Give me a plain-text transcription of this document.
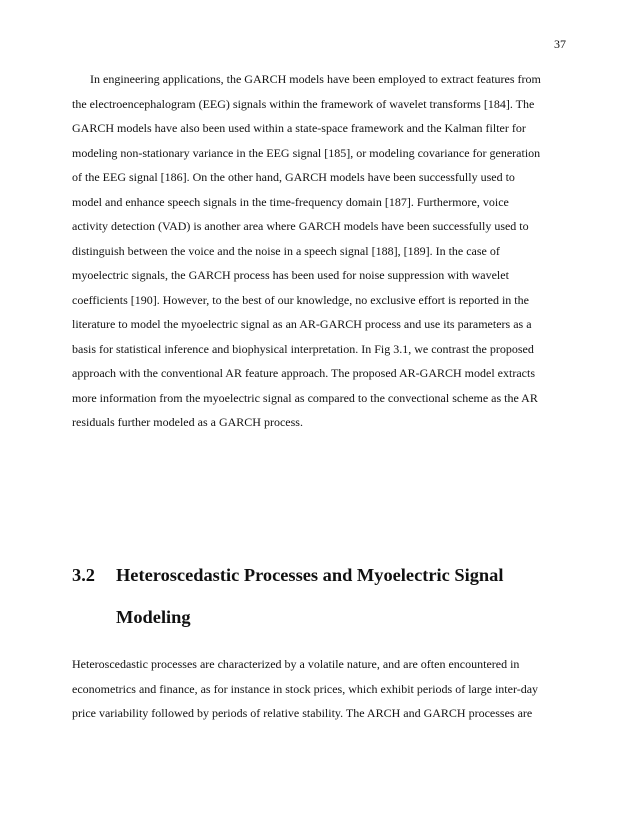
37
In engineering applications, the GARCH models have been employed to extract features from
the electroencephalogram (EEG) signals within the framework of wavelet transforms [184]. The
GARCH models have also been used within a state-space framework and the Kalman filter for
modeling non-stationary variance in the EEG signal [185], or modeling covariance for generation
of the EEG signal [186]. On the other hand, GARCH models have been successfully used to
model and enhance speech signals in the time-frequency domain [187]. Furthermore, voice
activity detection (VAD) is another area where GARCH models have been successfully used to
distinguish between the voice and the noise in a speech signal [188], [189]. In the case of
myoelectric signals, the GARCH process has been used for noise suppression with wavelet
coefficients [190]. However, to the best of our knowledge, no exclusive effort is reported in the
literature to model the myoelectric signal as an AR-GARCH process and use its parameters as a
basis for statistical inference and biophysical interpretation. In Fig 3.1, we contrast the proposed
approach with the conventional AR feature approach. The proposed AR-GARCH model extracts
more information from the myoelectric signal as compared to the convectional scheme as the AR
residuals further modeled as a GARCH process.
3.2 Heteroscedastic Processes and Myoelectric Signal
Modeling
Heteroscedastic processes are characterized by a volatile nature, and are often encountered in
econometrics and finance, as for instance in stock prices, which exhibit periods of large inter-day
price variability followed by periods of relative stability. The ARCH and GARCH processes are
